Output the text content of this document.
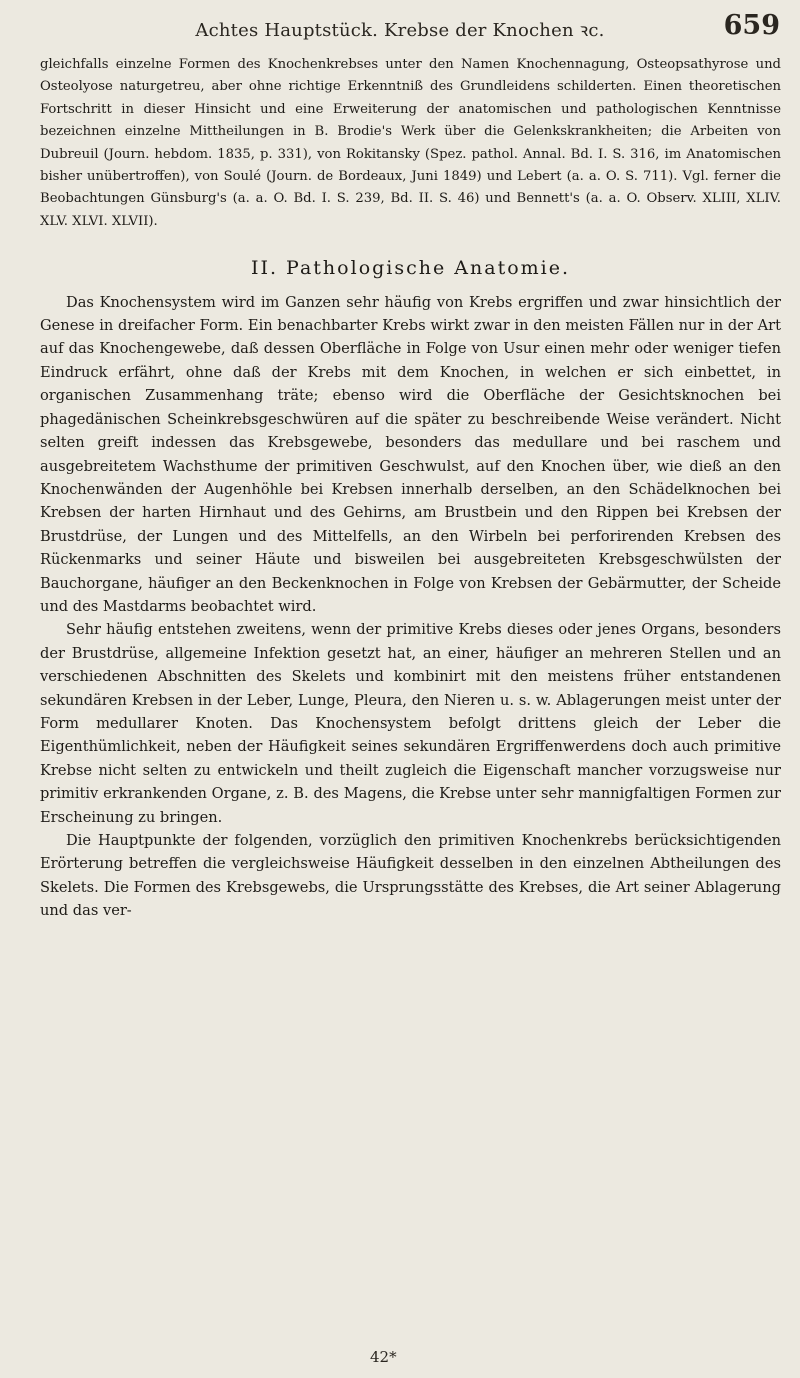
Achtes Hauptstück. Krebse der Knochen ꝛc.	659

gleichfalls einzelne Formen des Knochenkrebses unter den Namen Knochennagung, Osteopsathyrose und Osteolyose naturgetreu, aber ohne richtige Erkenntniß des Grundleidens schilderten. Einen theoretischen Fortschritt in dieser Hinsicht und eine Erweiterung der anatomischen und pathologischen Kenntnisse bezeichnen einzelne Mittheilungen in B. Brodie's Werk über die Gelenkskrankheiten; die Arbeiten von Dubreuil (Journ. hebdom. 1835, p. 331), von Rokitansky (Spez. pathol. Annal. Bd. I. S. 316, im Anatomischen bisher unübertroffen), von Soulé (Journ. de Bordeaux, Juni 1849) und Lebert (a. a. O. S. 711). Vgl. ferner die Beobachtungen Günsburg's (a. a. O. Bd. I. S. 239, Bd. II. S. 46) und Bennett's (a. a. O. Observ. XLIII, XLIV. XLV. XLVI. XLVII).

II. Pathologische Anatomie.

Das Knochensystem wird im Ganzen sehr häufig von Krebs ergriffen und zwar hinsichtlich der Genese in dreifacher Form. Ein benachbarter Krebs wirkt zwar in den meisten Fällen nur in der Art auf das Knochengewebe, daß dessen Oberfläche in Folge von Usur einen mehr oder weniger tiefen Eindruck erfährt, ohne daß der Krebs mit dem Knochen, in welchen er sich einbettet, in organischen Zusammenhang träte; ebenso wird die Oberfläche der Gesichtsknochen bei phagedänischen Scheinkrebsgeschwüren auf die später zu beschreibende Weise verändert. Nicht selten greift indessen das Krebsgewebe, besonders das medullare und bei raschem und ausgebreitetem Wachsthume der primitiven Geschwulst, auf den Knochen über, wie dieß an den Knochenwänden der Augenhöhle bei Krebsen innerhalb derselben, an den Schädelknochen bei Krebsen der harten Hirnhaut und des Gehirns, am Brustbein und den Rippen bei Krebsen der Brustdrüse, der Lungen und des Mittelfells, an den Wirbeln bei perforirenden Krebsen des Rückenmarks und seiner Häute und bisweilen bei ausgebreiteten Krebsgeschwülsten der Bauchorgane, häufiger an den Beckenknochen in Folge von Krebsen der Gebärmutter, der Scheide und des Mastdarms beobachtet wird.

Sehr häufig entstehen zweitens, wenn der primitive Krebs dieses oder jenes Organs, besonders der Brustdrüse, allgemeine Infektion gesetzt hat, an einer, häufiger an mehreren Stellen und an verschiedenen Abschnitten des Skelets und kombinirt mit den meistens früher entstandenen sekundären Krebsen in der Leber, Lunge, Pleura, den Nieren u. s. w. Ablagerungen meist unter der Form medullarer Knoten. Das Knochensystem befolgt drittens gleich der Leber die Eigenthümlichkeit, neben der Häufigkeit seines sekundären Ergriffenwerdens doch auch primitive Krebse nicht selten zu entwickeln und theilt zugleich die Eigenschaft mancher vorzugsweise nur primitiv erkrankenden Organe, z. B. des Magens, die Krebse unter sehr mannigfaltigen Formen zur Erscheinung zu bringen.

Die Hauptpunkte der folgenden, vorzüglich den primitiven Knochenkrebs berücksichtigenden Erörterung betreffen die vergleichsweise Häufigkeit desselben in den einzelnen Abtheilungen des Skelets. Die Formen des Krebsgewebs, die Ursprungsstätte des Krebses, die Art seiner Ablagerung und das ver-

42*
